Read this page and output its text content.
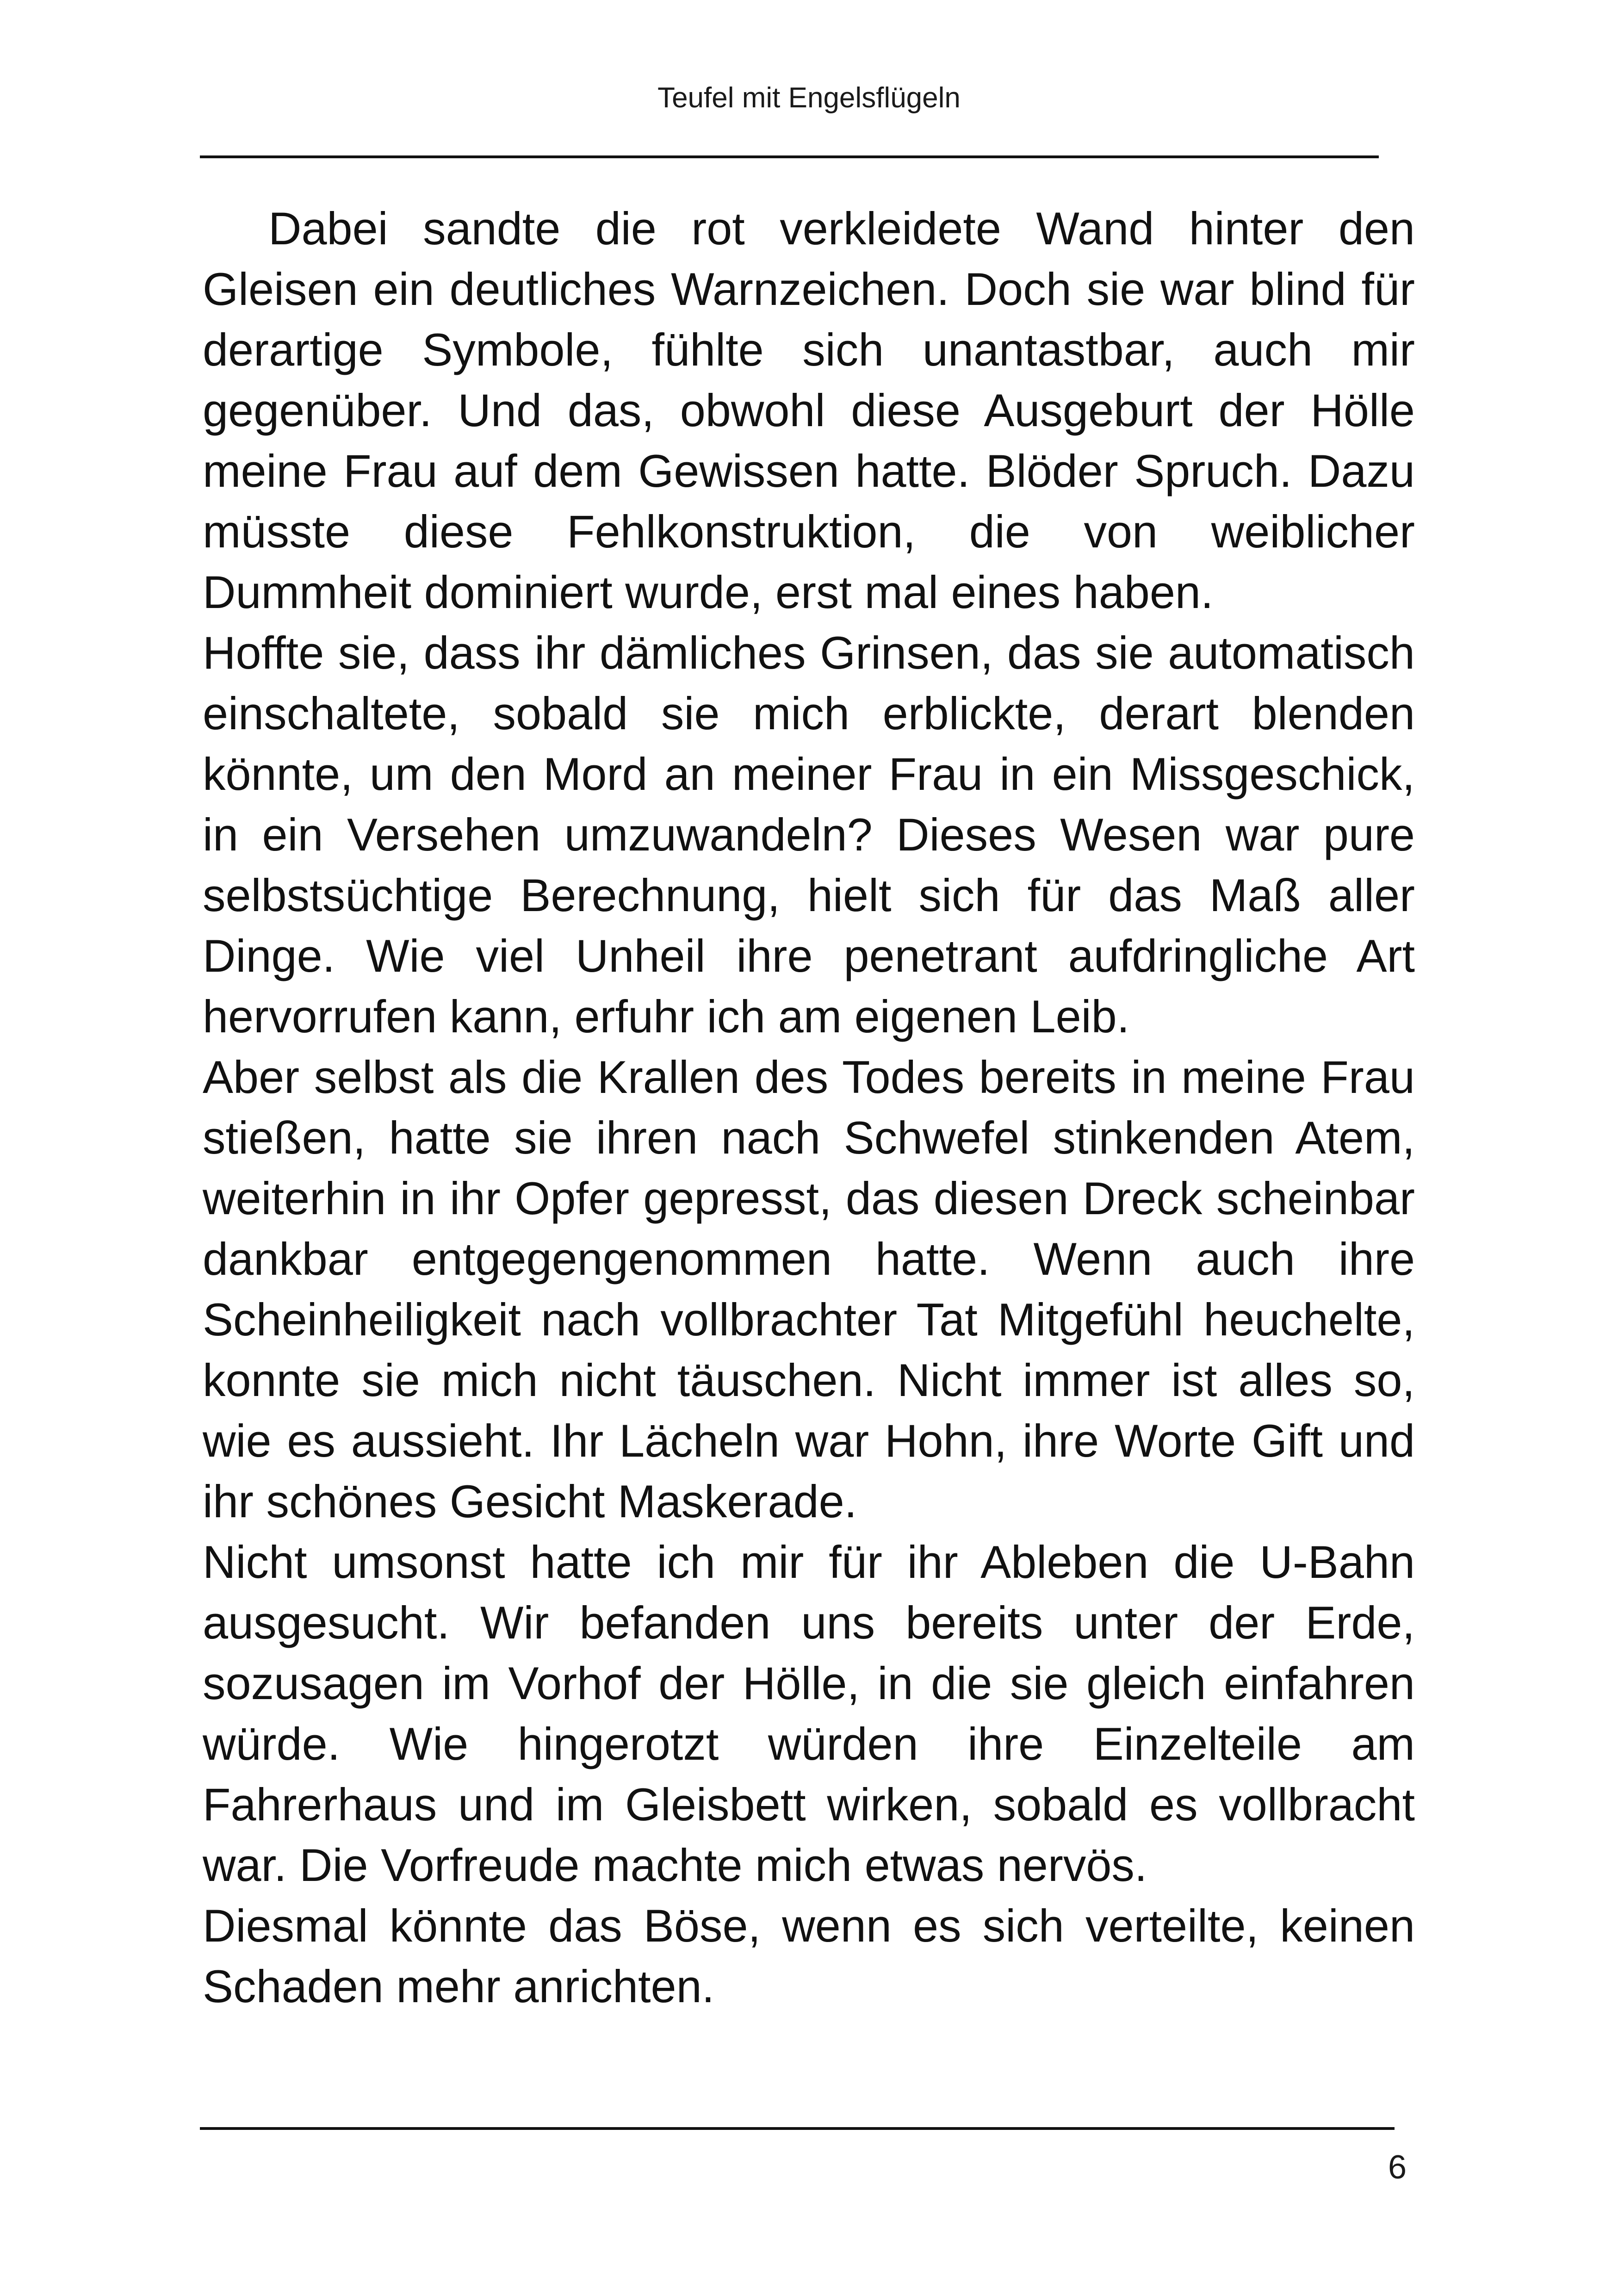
Teufel mit Engelsflügeln

Dabei sandte die rot verkleidete Wand hinter den Gleisen ein deutliches Warnzeichen. Doch sie war blind für derartige Symbole, fühlte sich unantastbar, auch mir gegenüber. Und das, obwohl diese Ausgeburt der Hölle meine Frau auf dem Gewissen hatte. Blöder Spruch. Dazu müsste diese Fehlkonstruktion, die von weiblicher Dummheit dominiert wurde, erst mal eines haben.

Hoffte sie, dass ihr dämliches Grinsen, das sie automatisch einschaltete, sobald sie mich erblickte, derart blenden könnte, um den Mord an meiner Frau in ein Missgeschick, in ein Versehen umzuwandeln? Dieses Wesen war pure selbstsüchtige Berechnung, hielt sich für das Maß aller Dinge. Wie viel Unheil ihre penetrant aufdringliche Art hervorrufen kann, erfuhr ich am eigenen Leib.

Aber selbst als die Krallen des Todes bereits in meine Frau stießen, hatte sie ihren nach Schwefel stinkenden Atem, weiterhin in ihr Opfer gepresst, das diesen Dreck scheinbar dankbar entgegengenommen hatte. Wenn auch ihre Scheinheiligkeit nach vollbrachter Tat Mitgefühl heuchelte, konnte sie mich nicht täuschen. Nicht immer ist alles so, wie es aussieht. Ihr Lächeln war Hohn, ihre Worte Gift und ihr schönes Gesicht Maskerade.

Nicht umsonst hatte ich mir für ihr Ableben die U-Bahn ausgesucht. Wir befanden uns bereits unter der Erde, sozusagen im Vorhof der Hölle, in die sie gleich einfahren würde. Wie hingerotzt würden ihre Einzelteile am Fahrerhaus und im Gleisbett wirken, sobald es vollbracht war. Die Vorfreude machte mich etwas nervös.

Diesmal könnte das Böse, wenn es sich verteilte, keinen Schaden mehr anrichten.

6
